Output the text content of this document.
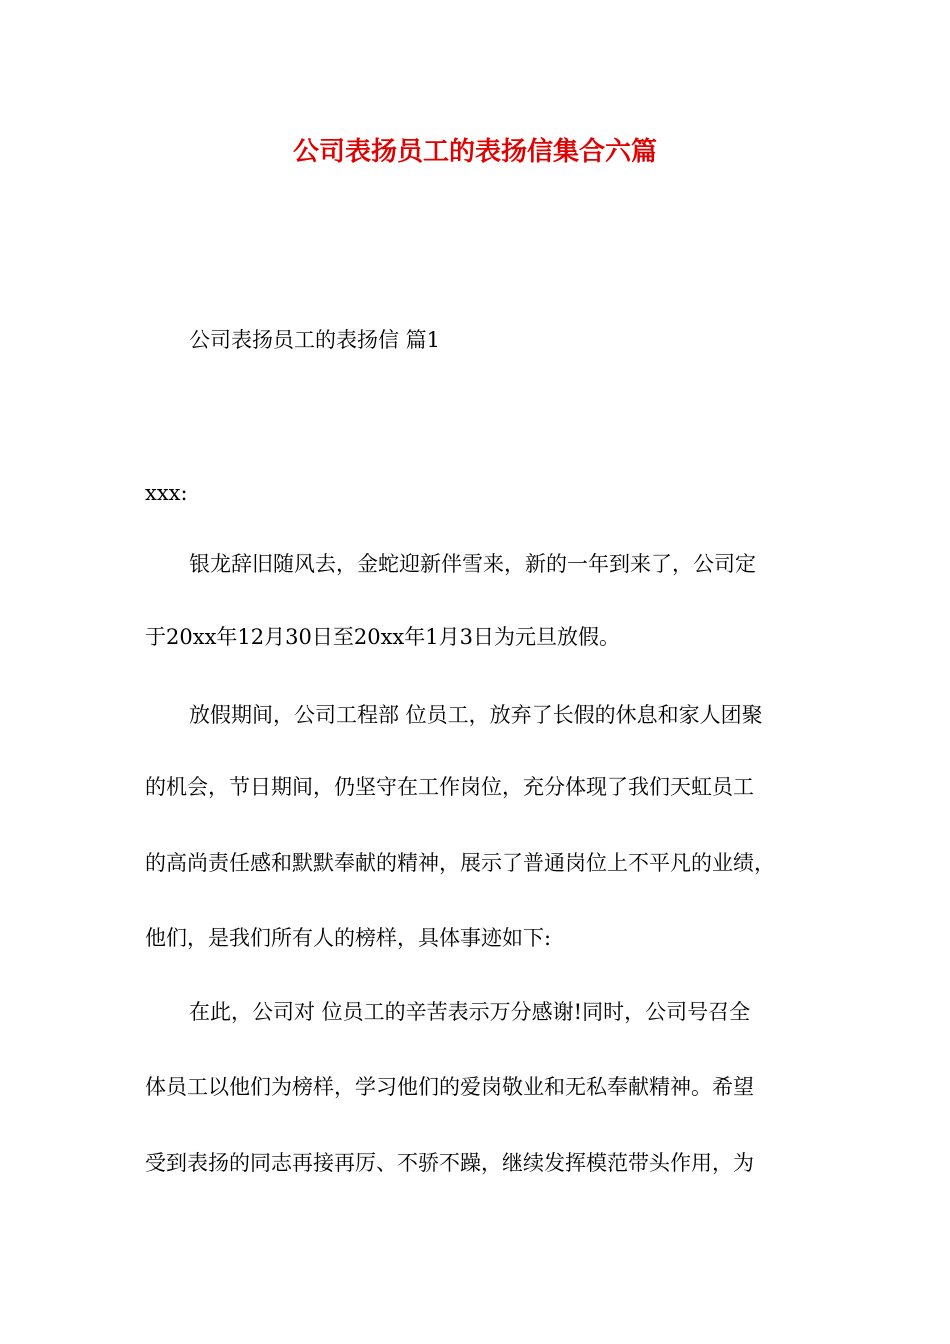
公司表扬员工的表扬信集合六篇
公司表扬员工的表扬信 篇1
xxx:
银龙辞旧随风去，金蛇迎新伴雪来，新的一年到来了，公司定
于20xx年12月30日至20xx年1月3日为元旦放假。
放假期间，公司工程部 位员工，放弃了长假的休息和家人团聚
的机会，节日期间，仍坚守在工作岗位，充分体现了我们天虹员工
的高尚责任感和默默奉献的精神，展示了普通岗位上不平凡的业绩，
他们，是我们所有人的榜样，具体事迹如下:
在此，公司对 位员工的辛苦表示万分感谢!同时，公司号召全
体员工以他们为榜样，学习他们的爱岗敬业和无私奉献精神。希望
受到表扬的同志再接再厉、不骄不躁，继续发挥模范带头作用，为
